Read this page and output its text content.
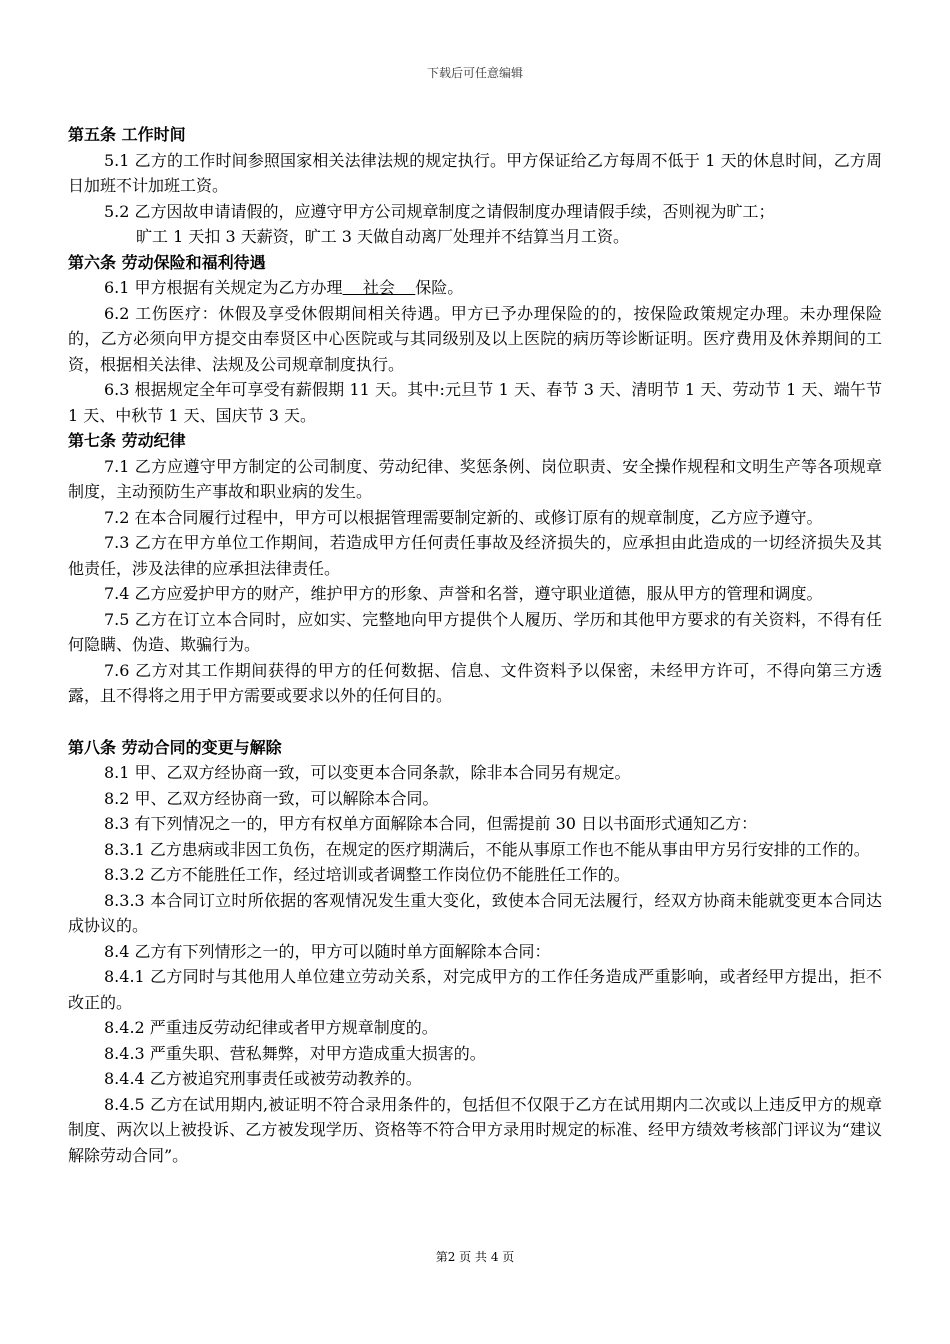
下载后可任意编辑

第五条 工作时间

5.1 乙方的工作时间参照国家相关法律法规的规定执行。甲方保证给乙方每周不低于 1 天的休息时间，乙方周日加班不计加班工资。

5.2 乙方因故申请请假的，应遵守甲方公司规章制度之请假制度办理请假手续，否则视为旷工；

旷工 1 天扣 3 天薪资，旷工 3 天做自动离厂处理并不结算当月工资。

第六条 劳动保险和福利待遇

6.1 甲方根据有关规定为乙方办理    社会    保险。

6.2 工伤医疗：休假及享受休假期间相关待遇。甲方已予办理保险的的，按保险政策规定办理。未办理保险的，乙方必须向甲方提交由奉贤区中心医院或与其同级别及以上医院的病历等诊断证明。医疗费用及休养期间的工资，根据相关法律、法规及公司规章制度执行。

6.3 根据规定全年可享受有薪假期 11 天。其中:元旦节 1 天、春节 3 天、清明节 1 天、劳动节 1 天、端午节 1 天、中秋节 1 天、国庆节 3 天。

第七条 劳动纪律

7.1 乙方应遵守甲方制定的公司制度、劳动纪律、奖惩条例、岗位职责、安全操作规程和文明生产等各项规章制度，主动预防生产事故和职业病的发生。

7.2 在本合同履行过程中，甲方可以根据管理需要制定新的、或修订原有的规章制度，乙方应予遵守。

7.3 乙方在甲方单位工作期间，若造成甲方任何责任事故及经济损失的，应承担由此造成的一切经济损失及其他责任，涉及法律的应承担法律责任。

7.4 乙方应爱护甲方的财产，维护甲方的形象、声誉和名誉，遵守职业道德，服从甲方的管理和调度。

7.5 乙方在订立本合同时，应如实、完整地向甲方提供个人履历、学历和其他甲方要求的有关资料，不得有任何隐瞒、伪造、欺骗行为。

7.6 乙方对其工作期间获得的甲方的任何数据、信息、文件资料予以保密，未经甲方许可，不得向第三方透露，且不得将之用于甲方需要或要求以外的任何目的。

第八条 劳动合同的变更与解除

8.1 甲、乙双方经协商一致，可以变更本合同条款，除非本合同另有规定。

8.2 甲、乙双方经协商一致，可以解除本合同。

8.3 有下列情况之一的，甲方有权单方面解除本合同，但需提前 30 日以书面形式通知乙方：

8.3.1 乙方患病或非因工负伤，在规定的医疗期满后，不能从事原工作也不能从事由甲方另行安排的工作的。

8.3.2 乙方不能胜任工作，经过培训或者调整工作岗位仍不能胜任工作的。

8.3.3 本合同订立时所依据的客观情况发生重大变化，致使本合同无法履行，经双方协商未能就变更本合同达成协议的。

8.4 乙方有下列情形之一的，甲方可以随时单方面解除本合同：

8.4.1 乙方同时与其他用人单位建立劳动关系，对完成甲方的工作任务造成严重影响，或者经甲方提出，拒不改正的。

8.4.2 严重违反劳动纪律或者甲方规章制度的。

8.4.3 严重失职、营私舞弊，对甲方造成重大损害的。

8.4.4 乙方被追究刑事责任或被劳动教养的。

8.4.5 乙方在试用期内,被证明不符合录用条件的，包括但不仅限于乙方在试用期内二次或以上违反甲方的规章制度、两次以上被投诉、乙方被发现学历、资格等不符合甲方录用时规定的标准、经甲方绩效考核部门评议为“建议解除劳动合同”。

第2 页 共 4 页
